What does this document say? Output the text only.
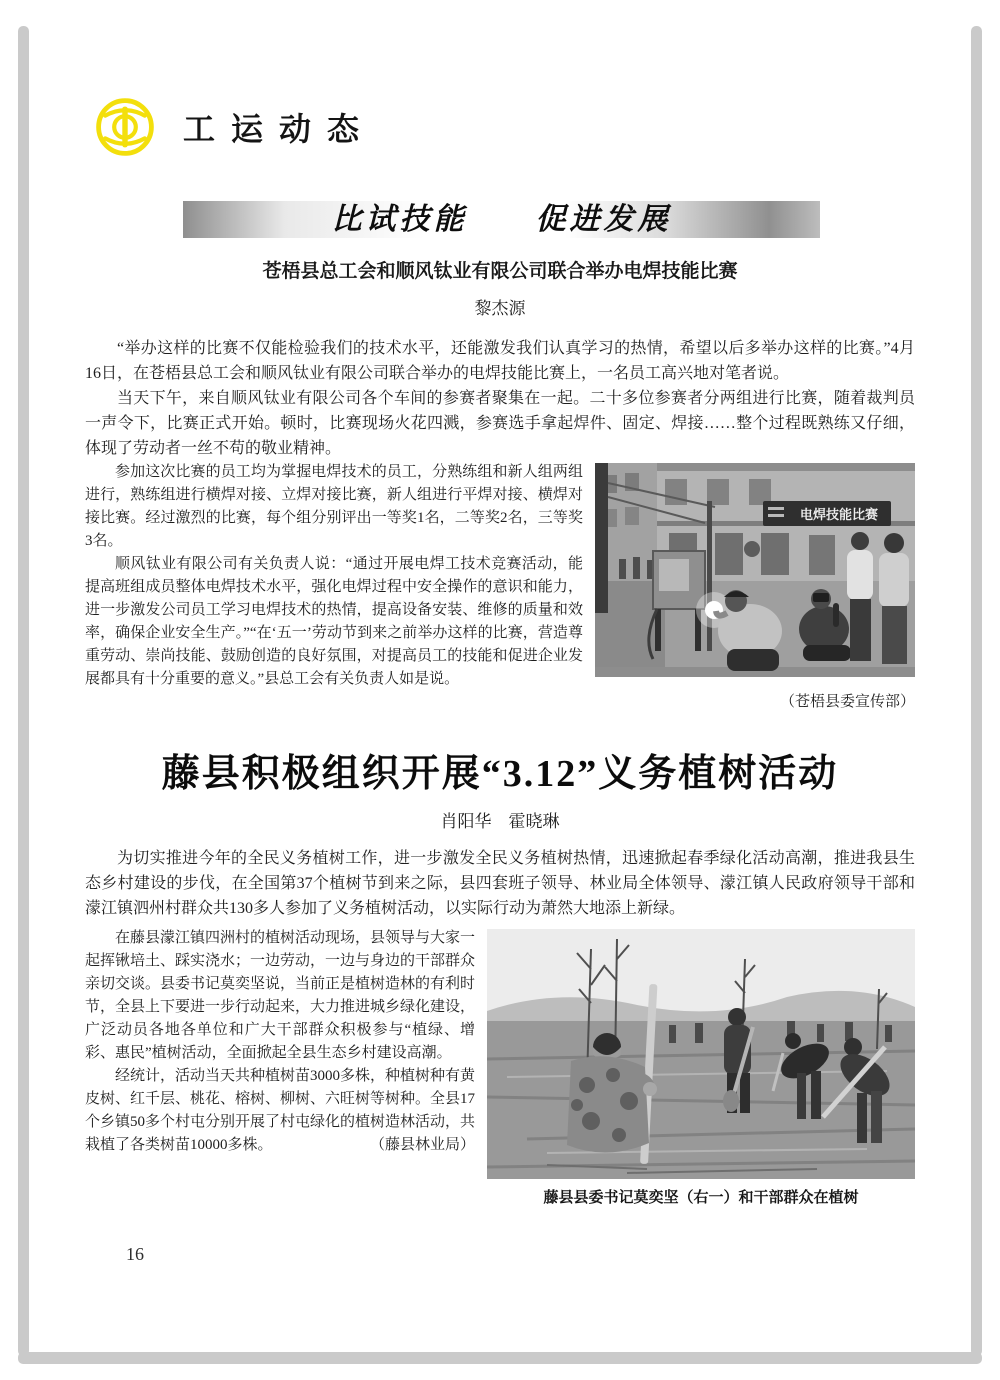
工运动态
比试技能　　促进发展
苍梧县总工会和顺风钛业有限公司联合举办电焊技能比赛
黎杰源

“举办这样的比赛不仅能检验我们的技术水平，还能激发我们认真学习的热情，希望以后多举办这样的比赛。”4月16日，在苍梧县总工会和顺风钛业有限公司联合举办的电焊技能比赛上，一名员工高兴地对笔者说。

当天下午，来自顺风钛业有限公司各个车间的参赛者聚集在一起。二十多位参赛者分两组进行比赛，随着裁判员一声令下，比赛正式开始。顿时，比赛现场火花四溅，参赛选手拿起焊件、固定、焊接……整个过程既熟练又仔细，体现了劳动者一丝不苟的敬业精神。

电焊技能比赛

参加这次比赛的员工均为掌握电焊技术的员工，分熟练组和新人组两组进行，熟练组进行横焊对接、立焊对接比赛，新人组进行平焊对接、横焊对接比赛。经过激烈的比赛，每个组分别评出一等奖1名，二等奖2名，三等奖3名。

顺风钛业有限公司有关负责人说：“通过开展电焊工技术竞赛活动，能提高班组成员整体电焊技术水平，强化电焊过程中安全操作的意识和能力，进一步激发公司员工学习电焊技术的热情，提高设备安装、维修的质量和效率，确保企业安全生产。”“在‘五一’劳动节到来之前举办这样的比赛，营造尊重劳动、崇尚技能、鼓励创造的良好氛围，对提高员工的技能和促进企业发展都具有十分重要的意义。”县总工会有关负责人如是说。
（苍梧县委宣传部）

藤县积极组织开展“3.12”义务植树活动
肖阳华　霍晓琳

为切实推进今年的全民义务植树工作，进一步激发全民义务植树热情，迅速掀起春季绿化活动高潮，推进我县生态乡村建设的步伐，在全国第37个植树节到来之际，县四套班子领导、林业局全体领导、濛江镇人民政府领导干部和濛江镇泗州村群众共130多人参加了义务植树活动，以实际行动为萧然大地添上新绿。

藤县县委书记莫奕坚（右一）和干部群众在植树

在藤县濛江镇四洲村的植树活动现场，县领导与大家一起挥锹培土、踩实浇水；一边劳动，一边与身边的干部群众亲切交谈。县委书记莫奕坚说，当前正是植树造林的有利时节，全县上下要进一步行动起来，大力推进城乡绿化建设，广泛动员各地各单位和广大干部群众积极参与“植绿、增彩、惠民”植树活动，全面掀起全县生态乡村建设高潮。

经统计，活动当天共种植树苗3000多株，种植树种有黄皮树、红千层、桃花、榕树、柳树、六旺树等树种。全县17个乡镇50多个村屯分别开展了村屯绿化的植树造林活动，共栽植了各类树苗10000多株。	（藤县林业局）

16
